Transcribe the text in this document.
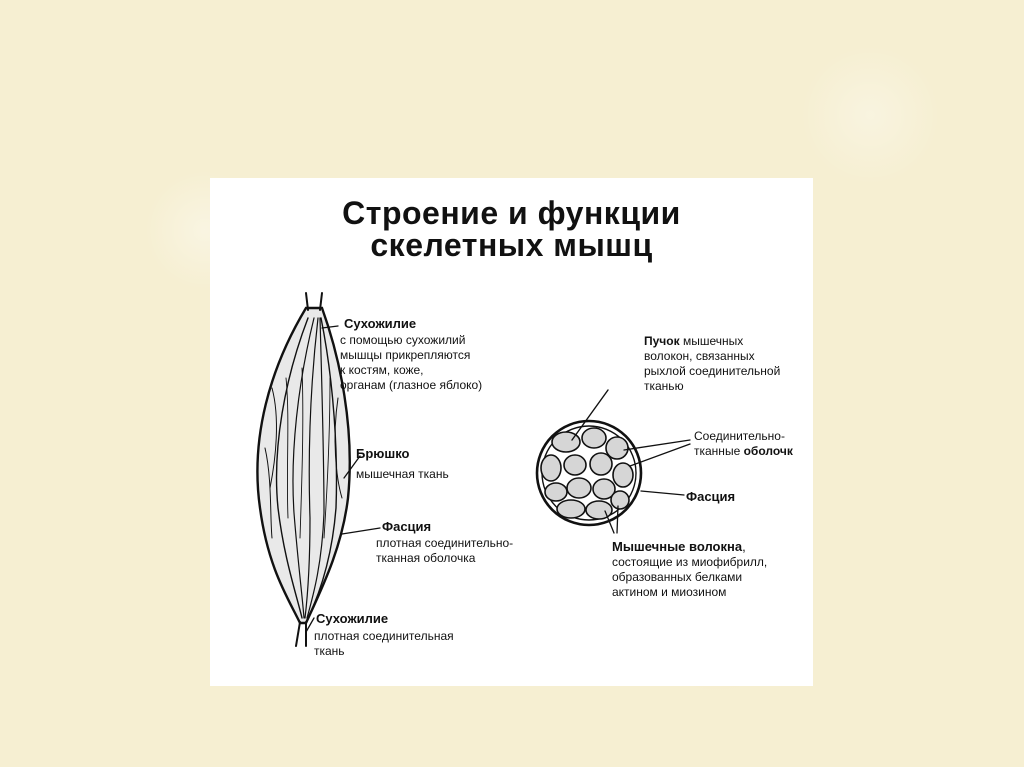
Строение и функции
скелетных мышц
Сухожилие
с помощью сухожилий
мышцы прикрепляются
к костям, коже,
органам (глазное яблоко)
Брюшко
мышечная ткань
Фасция
плотная соединительно-
тканная оболочка
Сухожилие
плотная соединительная
ткань
Пучок мышечных
волокон, связанных
рыхлой соединительной
тканью
Соединительно-
тканные оболочк
Фасция
Мышечные волокна,
состоящие из миофибрилл,
образованных белками
актином и миозином
